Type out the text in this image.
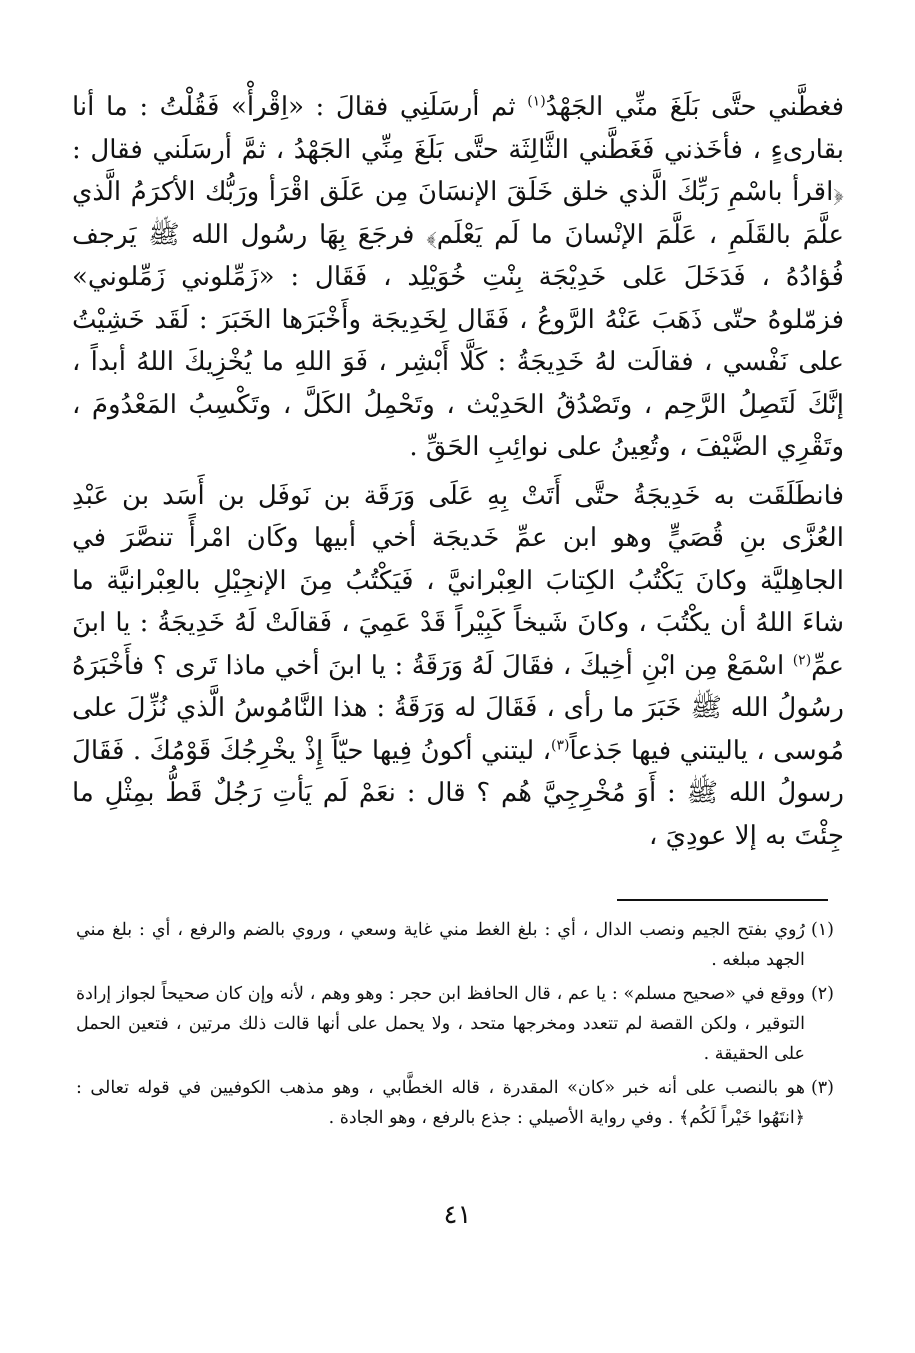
فغطَّني حتَّى بَلَغَ منِّي الجَهْدُ$^{(١)}$ ثم أرسَلَنِي فقالَ : «اِقْرأْ» فَقُلْتُ : ما أنا بقارىءٍ ، فأخَذني فَغَطَّني الثَّالِثَة حتَّى بَلَغَ مِنِّي الجَهْدُ ، ثمَّ أرسَلَني فقال : ﴿اقرأ باسْمِ رَبِّكَ الَّذي خلق خَلَقَ الإنسَانَ مِن عَلَق اقْرَأ ورَبُّك الأكرَمُ الَّذي علَّمَ بالقَلَمِ ، عَلَّمَ الإنْسانَ ما لَم يَعْلَم﴾ فرجَعَ بِهَا رسُول الله ﷺ يَرجف فُؤادُهُ ، فَدَخَلَ عَلى خَدِيْجَة بِنْتِ خُوَيْلِد ، فَقَال : «زَمِّلوني زَمِّلوني» فزمّلوهُ حتّى ذَهَبَ عَنْهُ الرَّوعُ ، فَقَال لِخَدِيجَة وأَخْبَرَها الخَبَرَ : لَقَد خَشِيْتُ على نَفْسي ، فقالَت لهُ خَدِيجَةُ : كَلَّا أَبْشِر ، فَوَ اللهِ ما يُخْزِيكَ اللهُ أبداً ، إنَّكَ لَتَصِلُ الرَّحِم ، وتَصْدُقُ الحَدِيْث ، وتَحْمِلُ الكَلَّ ، وتَكْسِبُ المَعْدُومَ ، وتَقْرِي الضَّيْفَ ، وتُعِينُ على نوائِبِ الحَقِّ .

فانطَلَقَت به خَدِيجَةُ حتَّى أَتَتْ بِهِ عَلَى وَرَقَة بن نَوفَل بن أَسَد بن عَبْدِ العُزَّى بنِ قُصَيٍّ وهو ابن عمِّ خَديجَة أخي أبيها وكَان امْرأً تنصَّرَ في الجاهِليَّة وكانَ يَكْتُبُ الكِتابَ العِبْرانيَّ ، فَيَكْتُبُ مِنَ الإنجِيْلِ بالعِبْرانيَّة ما شاءَ اللهُ أن يكْتُبَ ، وكانَ شَيخاً كَبِيْراً قَدْ عَمِيَ ، فَقالَتْ لَهُ خَدِيجَةُ : يا ابنَ عمِّ$^{(٢)}$ اسْمَعْ مِن ابْنِ أخِيكَ ، فقَالَ لَهُ وَرَقَةُ : يا ابنَ أخي ماذا تَرى ؟ فأَخْبَرَهُ رسُولُ الله ﷺ خَبَرَ ما رأى ، فَقَالَ له وَرَقَةُ : هذا النَّامُوسُ الَّذي نُزِّلَ على مُوسى ، ياليتني فيها جَذعاً$^{(٣)}$، ليتني أكونُ فِيها حيّاً إِذْ يخْرِجُكَ قَوْمُكَ . فَقَالَ رسولُ الله ﷺ : أَوَ مُخْرِجِيَّ هُم ؟ قال : نعَمْ لَم يَأتِ رَجُلٌ قَطُّ بمِثْلِ ما جِئْتَ به إلا عودِيَ ،

(١)
رُوي بفتح الجيم ونصب الدال ، أي : بلغ الغط مني غاية وسعي ، وروي بالضم والرفع ، أي : بلغ مني الجهد مبلغه .

(٢)
ووقع في «صحيح مسلم» : يا عم ، قال الحافظ ابن حجر : وهو وهم ، لأنه وإن كان صحيحاً لجواز إرادة التوقير ، ولكن القصة لم تتعدد ومخرجها متحد ، ولا يحمل على أنها قالت ذلك مرتين ، فتعين الحمل على الحقيقة .

(٣)
هو بالنصب على أنه خبر «كان» المقدرة ، قاله الخطَّابي ، وهو مذهب الكوفيين في قوله تعالى : ﴿انتَهُوا خَيْراً لَكُم﴾ . وفي رواية الأصيلي : جذع بالرفع ، وهو الجادة .

٤١
